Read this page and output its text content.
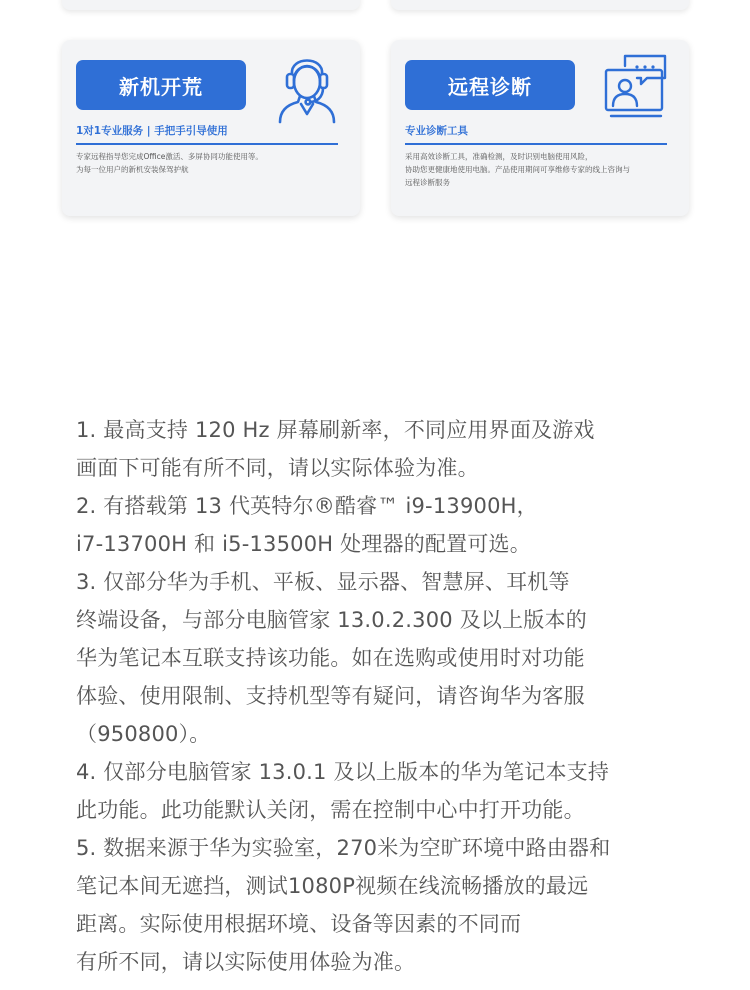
新机开荒
1对1专业服务 | 手把手引导使用
专家远程指导您完成Office激活、多屏协同功能使用等。
为每一位用户的新机安装保驾护航
远程诊断
专业诊断工具
采用高效诊断工具，准确检测，及时识别电脑使用风险，
协助您更健康地使用电脑。产品使用期间可享维修专家的线上咨询与
远程诊断服务
1. 最高支持 120 Hz 屏幕刷新率，不同应用界面及游戏
画面下可能有所不同，请以实际体验为准。
2. 有搭载第 13 代英特尔®酷睿™ i9-13900H，
i7-13700H 和 i5-13500H 处理器的配置可选。
3. 仅部分华为手机、平板、显示器、智慧屏、耳机等
终端设备，与部分电脑管家 13.0.2.300 及以上版本的
华为笔记本互联支持该功能。如在选购或使用时对功能
体验、使用限制、支持机型等有疑问，请咨询华为客服
（950800）。
4. 仅部分电脑管家 13.0.1 及以上版本的华为笔记本支持
此功能。此功能默认关闭，需在控制中心中打开功能。
5. 数据来源于华为实验室，270米为空旷环境中路由器和
笔记本间无遮挡，测试1080P视频在线流畅播放的最远
距离。实际使用根据环境、设备等因素的不同而
有所不同，请以实际使用体验为准。
